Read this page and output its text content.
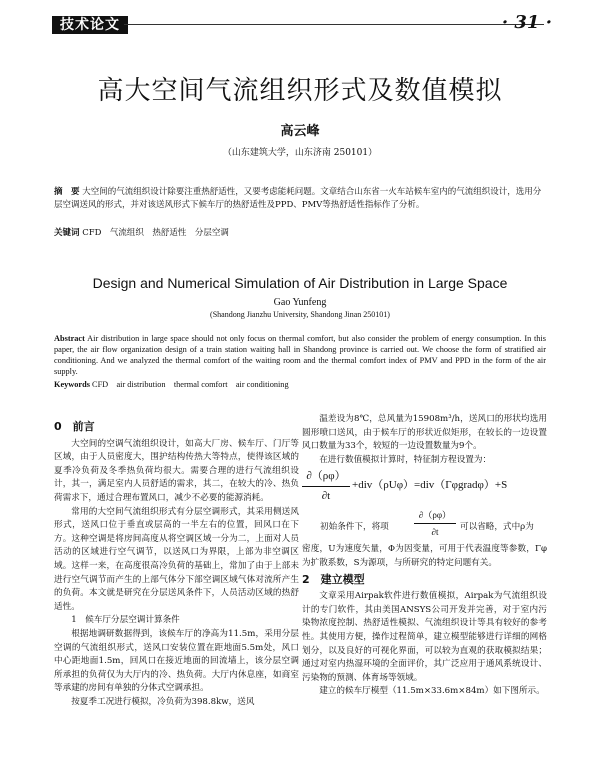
技术论文	· 31 ·
高大空间气流组织形式及数值模拟
高云峰
（山东建筑大学，山东济南 250101）
摘　要 大空间的气流组织设计除要注重热舒适性，又要考虑能耗问题。文章结合山东省一火车站候车室内的气流组织设计，选用分层空调送风的形式，并对该送风形式下候车厅的热舒适性及PPD、PMV等热舒适性指标作了分析。
关键词 CFD　气流组织　热舒适性　分层空调
Design and Numerical Simulation of Air Distribution in Large Space
Gao Yunfeng
(Shandong Jianzhu University, Shandong Jinan 250101)
Abstract Air distribution in large space should not only focus on thermal comfort, but also consider the problem of energy consumption. In this paper, the air flow organization design of a train station waiting hall in Shandong province is carried out. We choose the form of stratified air conditioning. And we analyzed the thermal comfort of the waiting room and the thermal comfort index of PMV and PPD in the form of the air supply.
Keywords CFD　air distribution　thermal comfort　air conditioning
0　前言

大空间的空调气流组织设计，如高大厂房、候车厅、门厅等区域，由于人员密度大，围护结构传热大等特点，使得该区域的夏季冷负荷及冬季热负荷均很大。需要合理的进行气流组织设计，其一，满足室内人员舒适的需求，其二，在较大的冷、热负荷需求下，通过合理布置风口，减少不必要的能源消耗。

常用的大空间气流组织形式有分层空调形式，其采用侧送风形式，送风口位于垂直或层高的一半左右的位置，回风口在下方。这种空调是将房间高度从将空调区域一分为二，上面对人员活动的区域进行空气调节，以送风口为界限，上部为非空调区域。这样一来，在高度很高冷负荷的基础上，常加了由于上部未进行空气调节而产生的上部气体分下部空调区域气体对流所产生的负荷。本文就是研究在分层送风条件下，人员活动区域的热舒适性。

1　候车厅分层空调计算条件

根据地调研数据得到，该候车厅的净高为11.5m，采用分层空调的气流组织形式，送风口安装位置在距地面5.5m处，风口中心距地面1.5m，回风口在接近地面的回流墙上，该分层空调所承担的负荷仅为大厅内的冷、热负荷。大厅内休息座，如商室等承建的房间有单独的分体式空调承担。

按夏季工况进行模拟，冷负荷为398.8kw，送风

温差设为8℃，总风量为15908m³/h，送风口的形状均选用圆形喷口送风，由于候车厅的形状近似矩形，在较长的一边设置风口数量为33个，较短的一边设置数量为9个。

在进行数值模拟计算时，特征制方程设置为：

∂（ρφ）
∂t
+div（ρUφ）=div（Γφgradφ）+S
初始条件下，将项
∂（ρφ）
∂t	可以省略，式中ρ为

密度，U为速度矢量，Φ为因变量，可用于代表温度等参数，Γφ为扩散系数，S为源项，与所研究的特定问题有关。

2　建立模型

文章采用Airpak软件进行数值模拟，Airpak为气流组织设计的专门软件，其由美国ANSYS公司开发并完善，对于室内污染物浓度控制、热舒适性模拟、气流组织设计等具有较好的参考性。其使用方便，操作过程简单，建立模型能够进行详细的网格划分，以及良好的可视化界面，可以较为直观的获取模拟结果；通过对室内热湿环境的全面评价，其广泛应用于通风系统设计、污染物的预测、体育场等领域。

建立的候车厅模型（11.5m×33.6m×84m）如下图所示。
